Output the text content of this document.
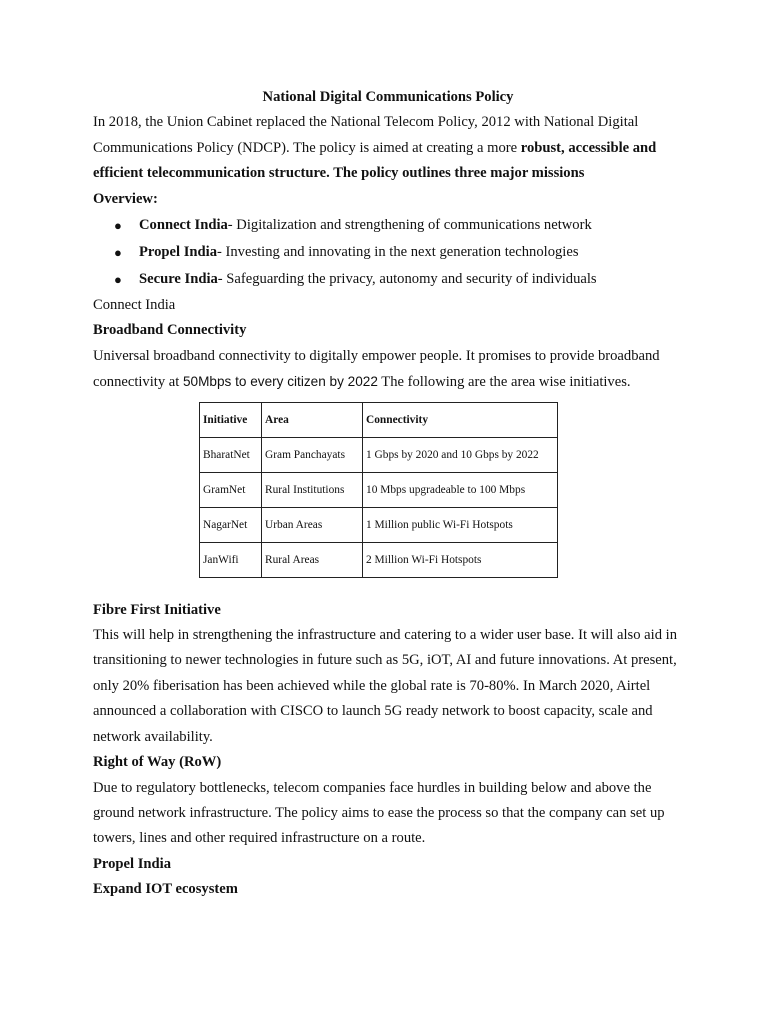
National Digital Communications Policy

In 2018, the Union Cabinet replaced the National Telecom Policy, 2012 with National Digital Communications Policy (NDCP). The policy is aimed at creating a more robust, accessible and efficient telecommunication structure. The policy outlines three major missions

Overview:

● Connect India- Digitalization and strengthening of communications network
● Propel India- Investing and innovating in the next generation technologies
● Secure India- Safeguarding the privacy, autonomy and security of individuals

Connect India

Broadband Connectivity

Universal broadband connectivity to digitally empower people. It promises to provide broadband connectivity at 50Mbps to every citizen by 2022 The following are the area wise initiatives.

Initiative	Area	Connectivity
BharatNet	Gram Panchayats	1 Gbps by 2020 and 10 Gbps by 2022
GramNet	Rural Institutions	10 Mbps upgradeable to 100 Mbps
NagarNet	Urban Areas	1 Million public Wi-Fi Hotspots
JanWifi	Rural Areas	2 Million Wi-Fi Hotspots

Fibre First Initiative

This will help in strengthening the infrastructure and catering to a wider user base. It will also aid in transitioning to newer technologies in future such as 5G, iOT, AI and future innovations. At present, only 20% fiberisation has been achieved while the global rate is 70-80%. In March 2020, Airtel announced a collaboration with CISCO to launch 5G ready network to boost capacity, scale and network availability.

Right of Way (RoW)

Due to regulatory bottlenecks, telecom companies face hurdles in building below and above the ground network infrastructure. The policy aims to ease the process so that the company can set up towers, lines and other required infrastructure on a route.

Propel India

Expand IOT ecosystem
